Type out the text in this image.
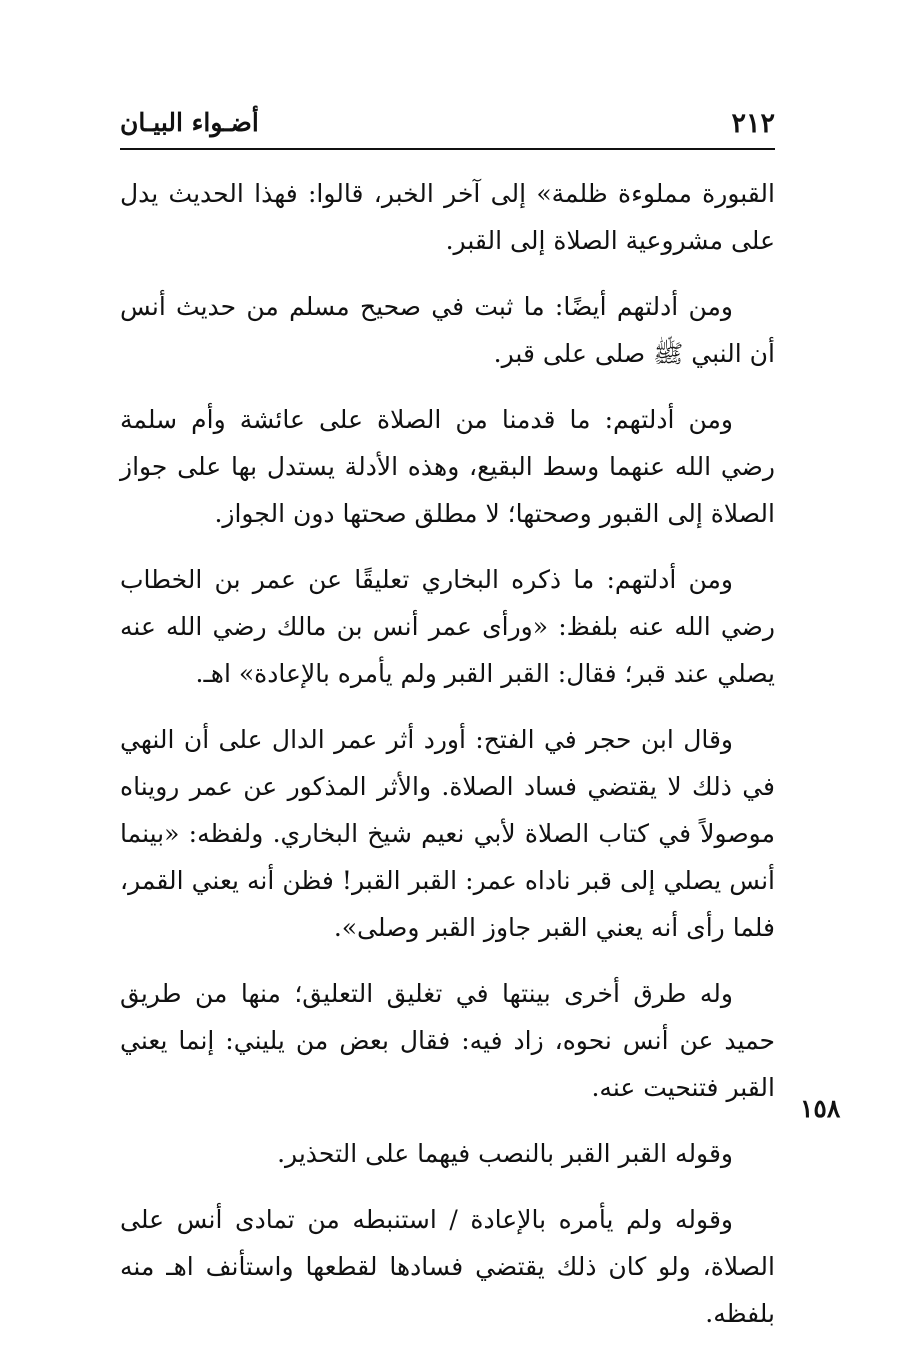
٢١٢
أضـواء البيـان

القبورة مملوءة ظلمة» إلى آخر الخبر، قالوا: فهذا الحديث يدل على مشروعية الصلاة إلى القبر.

ومن أدلتهم أيضًا: ما ثبت في صحيح مسلم من حديث أنس أن النبي ﷺ صلى على قبر.

ومن أدلتهم: ما قدمنا من الصلاة على عائشة وأم سلمة رضي الله عنهما وسط البقيع، وهذه الأدلة يستدل بها على جواز الصلاة إلى القبور وصحتها؛ لا مطلق صحتها دون الجواز.

ومن أدلتهم: ما ذكره البخاري تعليقًا عن عمر بن الخطاب رضي الله عنه بلفظ: «ورأى عمر أنس بن مالك رضي الله عنه يصلي عند قبر؛ فقال: القبر القبر ولم يأمره بالإعادة» اهـ.

وقال ابن حجر في الفتح: أورد أثر عمر الدال على أن النهي في ذلك لا يقتضي فساد الصلاة. والأثر المذكور عن عمر رويناه موصولاً في كتاب الصلاة لأبي نعيم شيخ البخاري. ولفظه: «بينما أنس يصلي إلى قبر ناداه عمر: القبر القبر! فظن أنه يعني القمر، فلما رأى أنه يعني القبر جاوز القبر وصلى».

وله طرق أخرى بينتها في تغليق التعليق؛ منها من طريق حميد عن أنس نحوه، زاد فيه: فقال بعض من يليني: إنما يعني القبر فتنحيت عنه.

وقوله القبر القبر بالنصب فيهما على التحذير.

وقوله ولم يأمره بالإعادة / استنبطه من تمادى أنس على الصلاة، ولو كان ذلك يقتضي فسادها لقطعها واستأنف اهـ منه بلفظه.

١٥٨
